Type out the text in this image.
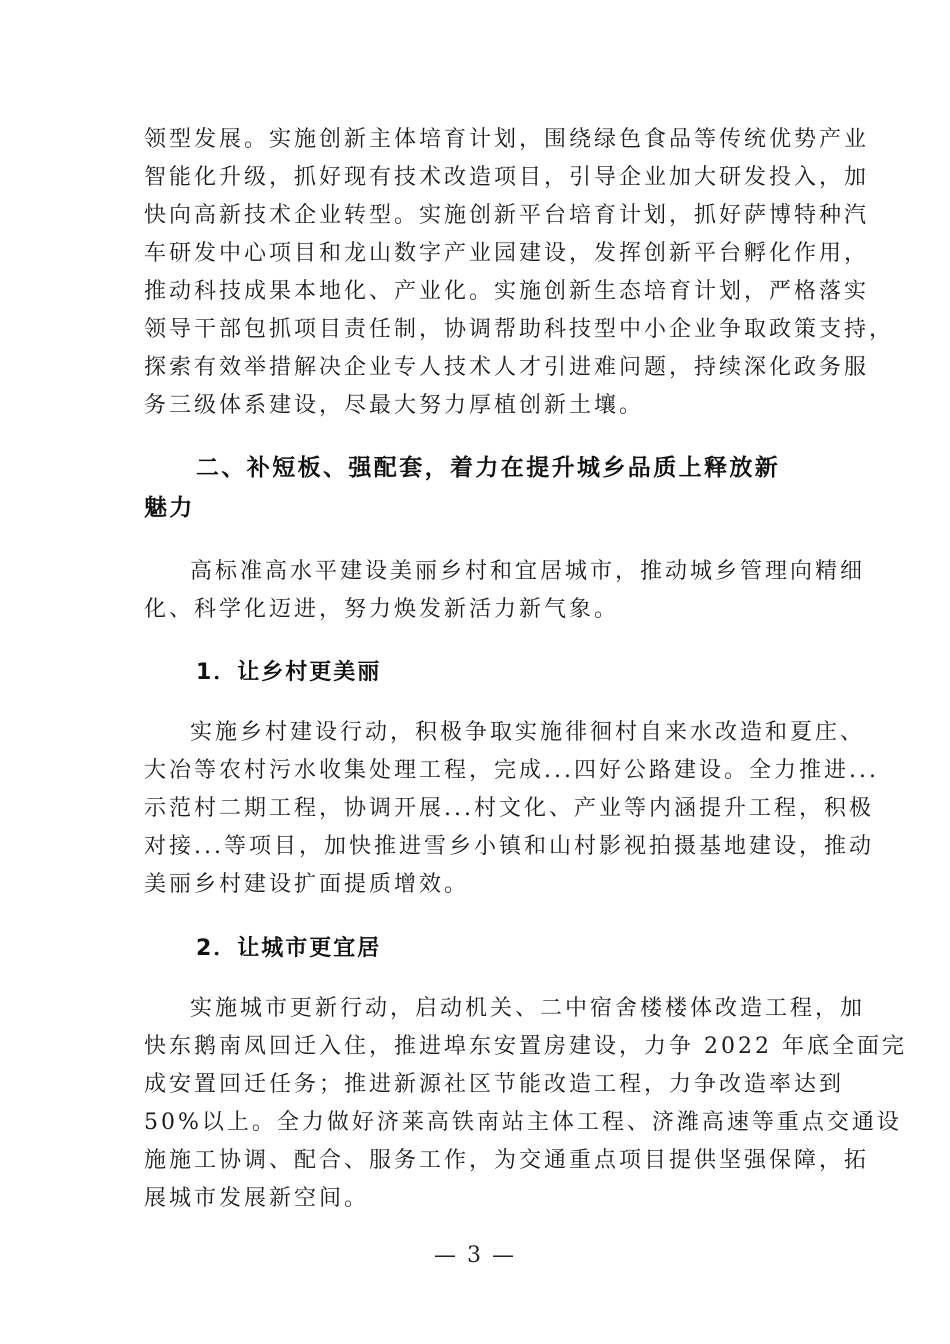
领型发展。实施创新主体培育计划，围绕绿色食品等传统优势产业
智能化升级，抓好现有技术改造项目，引导企业加大研发投入，加
快向高新技术企业转型。实施创新平台培育计划，抓好萨博特种汽
车研发中心项目和龙山数字产业园建设，发挥创新平台孵化作用，
推动科技成果本地化、产业化。实施创新生态培育计划，严格落实
领导干部包抓项目责任制，协调帮助科技型中小企业争取政策支持，
探索有效举措解决企业专人技术人才引进难问题，持续深化政务服
务三级体系建设，尽最大努力厚植创新土壤。
二、补短板、强配套，着力在提升城乡品质上释放新
魅力
高标准高水平建设美丽乡村和宜居城市，推动城乡管理向精细
化、科学化迈进，努力焕发新活力新气象。
1．让乡村更美丽
实施乡村建设行动，积极争取实施徘徊村自来水改造和夏庄、
大冶等农村污水收集处理工程，完成...四好公路建设。全力推进...
示范村二期工程，协调开展...村文化、产业等内涵提升工程，积极
对接...等项目，加快推进雪乡小镇和山村影视拍摄基地建设，推动
美丽乡村建设扩面提质增效。
2．让城市更宜居
实施城市更新行动，启动机关、二中宿舍楼楼体改造工程，加
快东鹅南凤回迁入住，推进埠东安置房建设，力争 2022 年底全面完
成安置回迁任务；推进新源社区节能改造工程，力争改造率达到
50%以上。全力做好济莱高铁南站主体工程、济潍高速等重点交通设
施施工协调、配合、服务工作，为交通重点项目提供坚强保障，拓
展城市发展新空间。
— 3 —
